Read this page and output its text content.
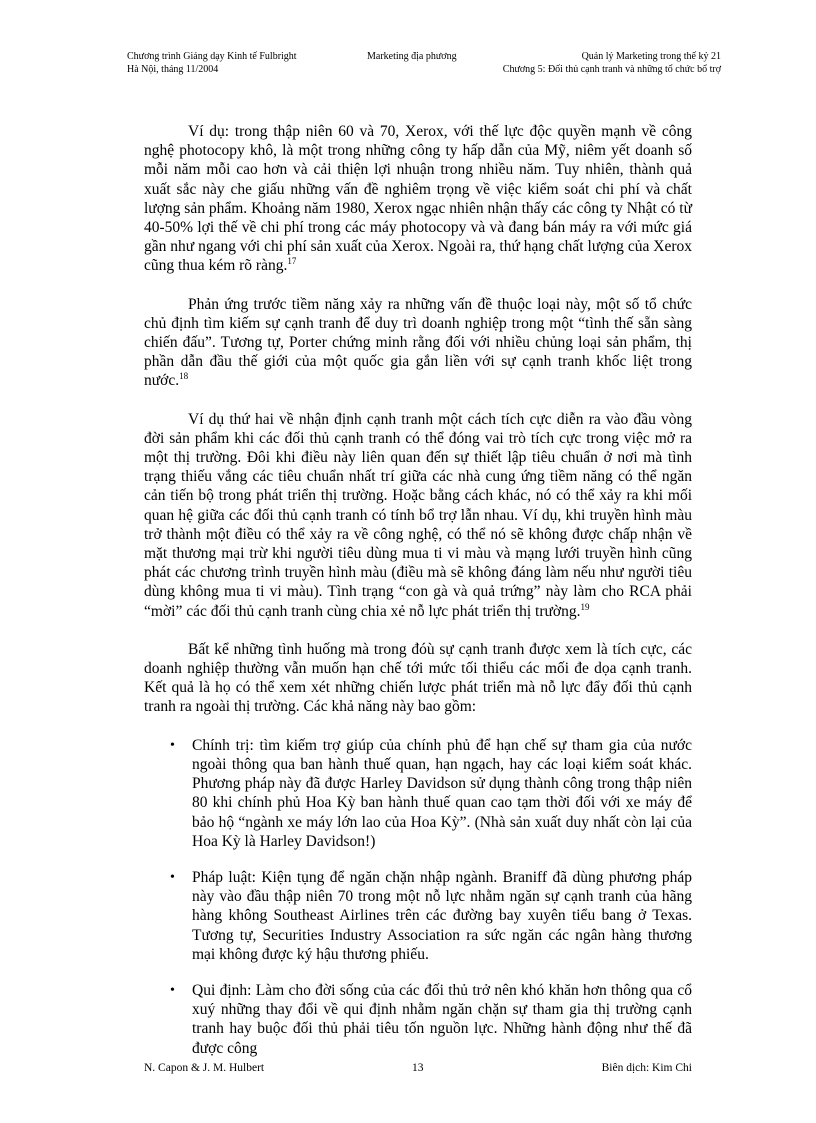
Chương trình Giảng dạy Kinh tế Fulbright
Hà Nội, tháng 11/2004
Marketing địa phương	Quản lý Marketing trong thế kỷ 21
Chương 5: Đối thủ cạnh tranh và những tổ chức bổ trợ

Ví dụ: trong thập niên 60 và 70, Xerox, với thế lực độc quyền mạnh về công nghệ photocopy khô, là một trong những công ty hấp dẫn của Mỹ, niêm yết doanh số mỗi năm mỗi cao hơn và cải thiện lợi nhuận trong nhiều năm. Tuy nhiên, thành quả xuất sắc này che giấu những vấn đề nghiêm trọng về việc kiểm soát chi phí và chất lượng sản phẩm. Khoảng năm 1980, Xerox ngạc nhiên nhận thấy các công ty Nhật có từ 40-50% lợi thế về chi phí trong các máy photocopy và và đang bán máy ra với mức giá gần như ngang với chi phí sản xuất của Xerox. Ngoài ra, thứ hạng chất lượng của Xerox cũng thua kém rõ ràng.$^{17}$

Phản ứng trước tiềm năng xảy ra những vấn đề thuộc loại này, một số tổ chức chủ định tìm kiếm sự cạnh tranh để duy trì doanh nghiệp trong một “tình thế sẵn sàng chiến đấu”. Tương tự, Porter chứng minh rằng đối với nhiều chủng loại sản phẩm, thị phần dẫn đầu thế giới của một quốc gia gắn liền với sự cạnh tranh khốc liệt trong nước.$^{18}$

Ví dụ thứ hai về nhận định cạnh tranh một cách tích cực diễn ra vào đầu vòng đời sản phẩm khi các đối thủ cạnh tranh có thể đóng vai trò tích cực trong việc mở ra một thị trường. Đôi khi điều này liên quan đến sự thiết lập tiêu chuẩn ở nơi mà tình trạng thiếu vắng các tiêu chuẩn nhất trí giữa các nhà cung ứng tiềm năng có thể ngăn cản tiến bộ trong phát triển thị trường. Hoặc bằng cách khác, nó có thể xảy ra khi mối quan hệ giữa các đối thủ cạnh tranh có tính bổ trợ lẫn nhau. Ví dụ, khi truyền hình màu trở thành một điều có thể xảy ra về công nghệ, có thể nó sẽ không được chấp nhận về mặt thương mại trừ khi người tiêu dùng mua ti vi màu và mạng lưới truyền hình cũng phát các chương trình truyền hình màu (điều mà sẽ không đáng làm nếu như người tiêu dùng không mua ti vi màu). Tình trạng “con gà và quả trứng” này làm cho RCA phải “mời” các đối thủ cạnh tranh cùng chia xẻ nỗ lực phát triển thị trường.$^{19}$

Bất kể những tình huống mà trong đóù sự cạnh tranh được xem là tích cực, các doanh nghiệp thường vẫn muốn hạn chế tới mức tối thiểu các mối đe dọa cạnh tranh. Kết quả là họ có thể xem xét những chiến lược phát triển mà nỗ lực đẩy đối thủ cạnh tranh ra ngoài thị trường. Các khả năng này bao gồm:

• Chính trị: tìm kiếm trợ giúp của chính phủ để hạn chế sự tham gia của nước ngoài thông qua ban hành thuế quan, hạn ngạch, hay các loại kiểm soát khác. Phương pháp này đã được Harley Davidson sử dụng thành công trong thập niên 80 khi chính phủ Hoa Kỳ ban hành thuế quan cao tạm thời đối với xe máy để bảo hộ “ngành xe máy lớn lao của Hoa Kỳ”. (Nhà sản xuất duy nhất còn lại của Hoa Kỳ là Harley Davidson!)
• Pháp luật: Kiện tụng để ngăn chặn nhập ngành. Braniff đã dùng phương pháp này vào đầu thập niên 70 trong một nỗ lực nhằm ngăn sự cạnh tranh của hãng hàng không Southeast Airlines trên các đường bay xuyên tiểu bang ở Texas. Tương tự, Securities Industry Association ra sức ngăn các ngân hàng thương mại không được ký hậu thương phiếu.
• Qui định: Làm cho đời sống của các đối thủ trở nên khó khăn hơn thông qua cổ xuý những thay đổi về qui định nhằm ngăn chặn sự tham gia thị trường cạnh tranh hay buộc đối thủ phải tiêu tốn nguồn lực. Những hành động như thế đã được công
N. Capon & J. M. Hulbert	13	Biên dịch: Kim Chi
